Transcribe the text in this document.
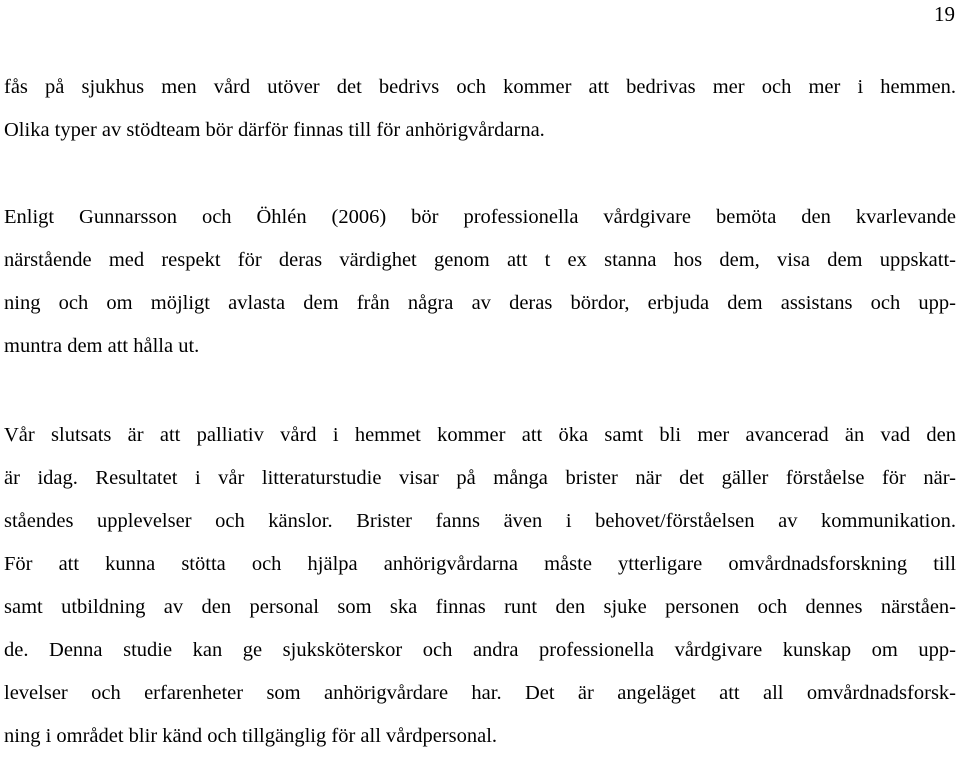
19
fås på sjukhus men vård utöver det bedrivs och kommer att bedrivas mer och mer i hemmen.
Olika typer av stödteam bör därför finnas till för anhörigvårdarna.
Enligt Gunnarsson och Öhlén (2006) bör professionella vårdgivare bemöta den kvarlevande
närstående med respekt för deras värdighet genom att t ex stanna hos dem, visa dem uppskatt-
ning och om möjligt avlasta dem från några av deras bördor, erbjuda dem assistans och upp-
muntra dem att hålla ut.
Vår slutsats är att palliativ vård i hemmet kommer att öka samt bli mer avancerad än vad den
är idag. Resultatet i vår litteraturstudie visar på många brister när det gäller förståelse för när-
ståendes upplevelser och känslor. Brister fanns även i behovet/förståelsen av kommunikation.
För att kunna stötta och hjälpa anhörigvårdarna måste ytterligare omvårdnadsforskning till
samt utbildning av den personal som ska finnas runt den sjuke personen och dennes närståen-
de. Denna studie kan ge sjuksköterskor och andra professionella vårdgivare kunskap om upp-
levelser och erfarenheter som anhörigvårdare har. Det är angeläget att all omvårdnadsforsk-
ning i området blir känd och tillgänglig för all vårdpersonal.
